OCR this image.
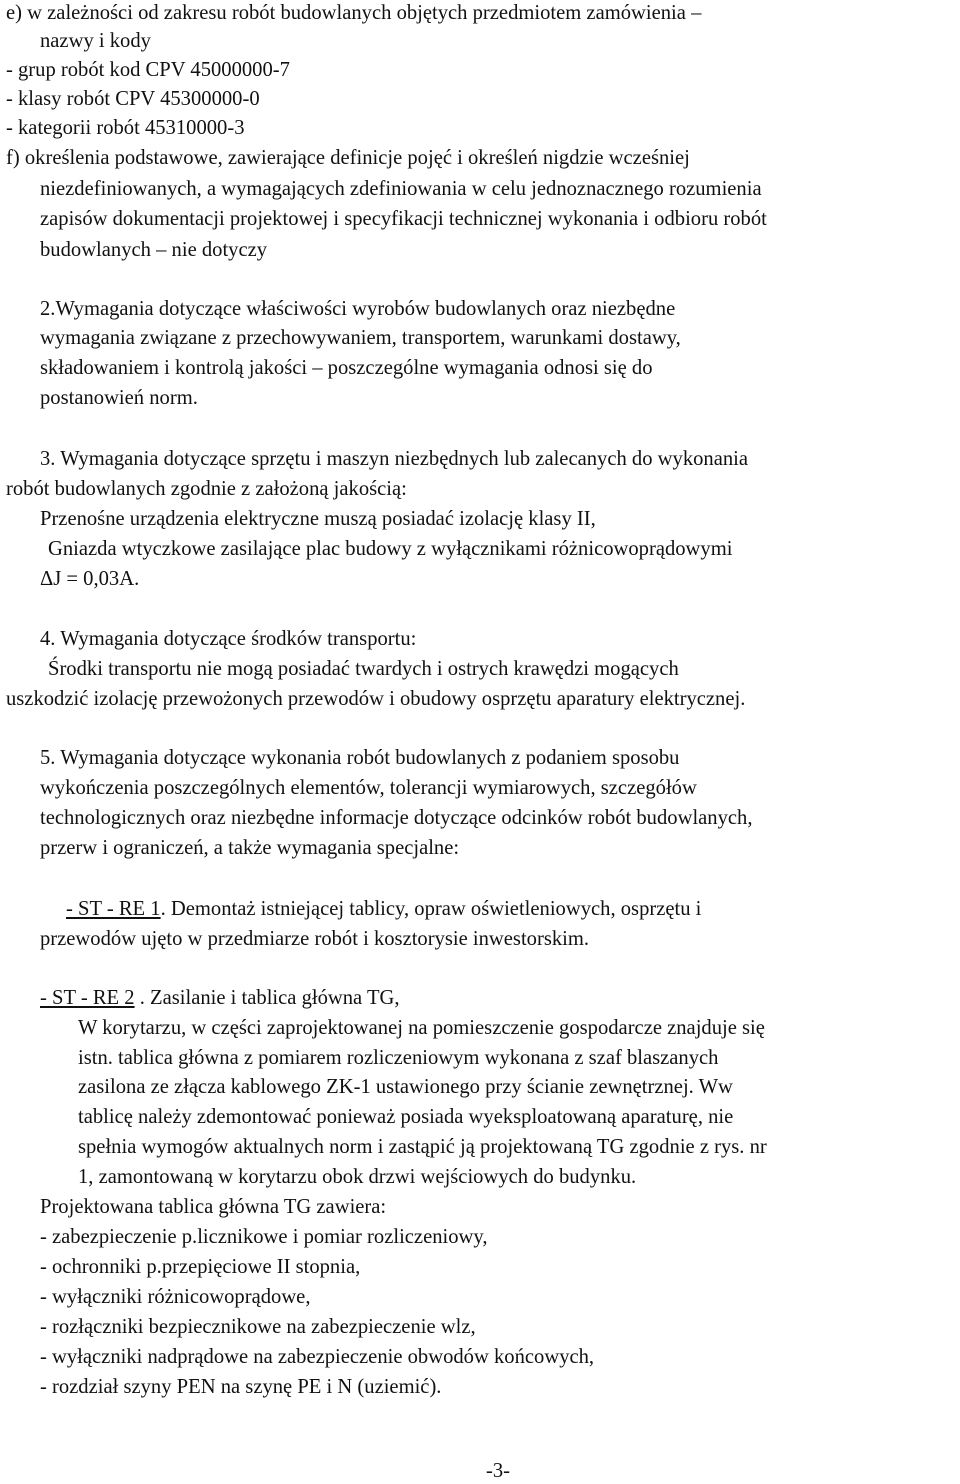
e) w zależności od zakresu robót budowlanych objętych przedmiotem zamówienia –
nazwy i kody
- grup robót kod CPV 45000000-7
- klasy robót CPV 45300000-0
- kategorii robót 45310000-3
f) określenia podstawowe, zawierające definicje pojęć i określeń nigdzie wcześniej
niezdefiniowanych, a wymagających zdefiniowania w celu jednoznacznego rozumienia
zapisów dokumentacji projektowej i specyfikacji technicznej wykonania i odbioru robót
budowlanych – nie dotyczy
2.Wymagania dotyczące właściwości wyrobów budowlanych oraz niezbędne
wymagania związane z przechowywaniem, transportem, warunkami dostawy,
składowaniem i kontrolą jakości – poszczególne wymagania odnosi się do
postanowień norm.
3. Wymagania dotyczące sprzętu i maszyn niezbędnych lub zalecanych do wykonania
robót budowlanych zgodnie z założoną jakością:
Przenośne urządzenia elektryczne muszą posiadać izolację klasy II,
Gniazda wtyczkowe zasilające plac budowy z wyłącznikami różnicowoprądowymi
ΔJ = 0,03A.
4. Wymagania dotyczące środków transportu:
Środki transportu nie mogą posiadać twardych i ostrych krawędzi mogących
uszkodzić izolację przewożonych przewodów i obudowy osprzętu aparatury elektrycznej.
5. Wymagania dotyczące wykonania robót budowlanych z podaniem sposobu
wykończenia poszczególnych elementów, tolerancji wymiarowych, szczegółów
technologicznych oraz niezbędne informacje dotyczące odcinków robót budowlanych,
przerw i ograniczeń, a także wymagania specjalne:
- ST - RE 1. Demontaż istniejącej tablicy, opraw oświetleniowych, osprzętu i
przewodów ujęto w przedmiarze robót i kosztorysie inwestorskim.
- ST - RE 2 . Zasilanie i tablica główna TG,
W korytarzu, w części zaprojektowanej na pomieszczenie gospodarcze znajduje się
istn. tablica główna z pomiarem rozliczeniowym wykonana z szaf blaszanych
zasilona ze złącza kablowego ZK-1 ustawionego przy ścianie zewnętrznej. Ww
tablicę należy zdemontować ponieważ posiada wyeksploatowaną aparaturę, nie
spełnia wymogów aktualnych norm i zastąpić ją projektowaną TG zgodnie z rys. nr
1, zamontowaną w korytarzu obok drzwi wejściowych do budynku.
Projektowana tablica główna TG zawiera:
- zabezpieczenie p.licznikowe i pomiar rozliczeniowy,
- ochronniki p.przepięciowe II stopnia,
- wyłączniki różnicowoprądowe,
- rozłączniki bezpiecznikowe na zabezpieczenie wlz,
- wyłączniki nadprądowe na zabezpieczenie obwodów końcowych,
- rozdział szyny PEN na szynę PE i N (uziemić).
-3-
